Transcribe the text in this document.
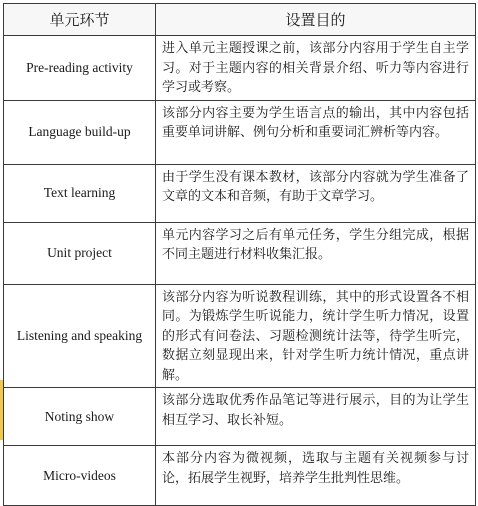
单元环节	设置目的
Pre-reading activity	进入单元主题授课之前，该部分内容用于学生自主学习。对于主题内容的相关背景介绍、听力等内容进行学习或考察。
Language build-up	该部分内容主要为学生语言点的输出，其中内容包括重要单词讲解、例句分析和重要词汇辨析等内容。
Text learning	由于学生没有课本教材，该部分内容就为学生准备了文章的文本和音频，有助于文章学习。
Unit project	单元内容学习之后有单元任务，学生分组完成，根据不同主题进行材料收集汇报。
Listening and speaking	该部分内容为听说教程训练，其中的形式设置各不相同。为锻炼学生听说能力，统计学生听力情况，设置的形式有问卷法、习题检测统计法等，待学生听完，数据立刻显现出来，针对学生听力统计情况，重点讲解。
Noting show	该部分选取优秀作品笔记等进行展示，目的为让学生相互学习、取长补短。
Micro-videos	本部分内容为微视频，选取与主题有关视频参与讨论，拓展学生视野，培养学生批判性思维。
